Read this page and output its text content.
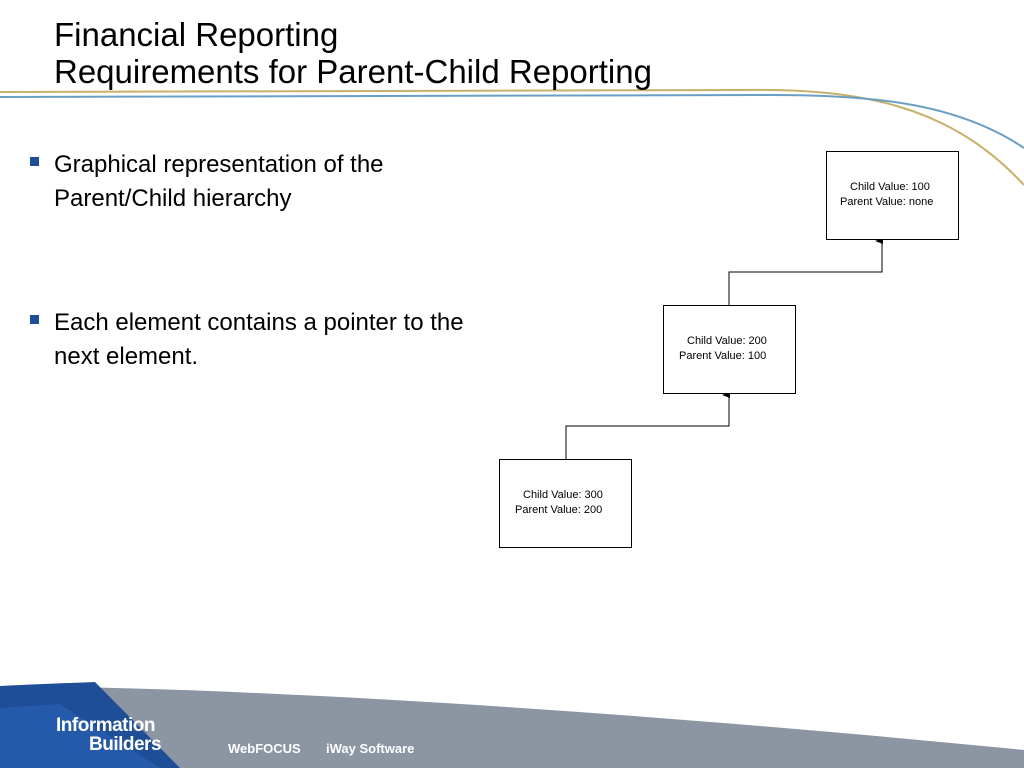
Financial Reporting
Requirements for Parent-Child Reporting
Graphical representation of the Parent/Child hierarchy
Each element contains a pointer to the next element.
Child Value: 100
Parent Value: none
Child Value: 200
Parent Value: 100
Child Value: 300
Parent Value: 200
Information
Builders	WebFOCUS iWay Software
